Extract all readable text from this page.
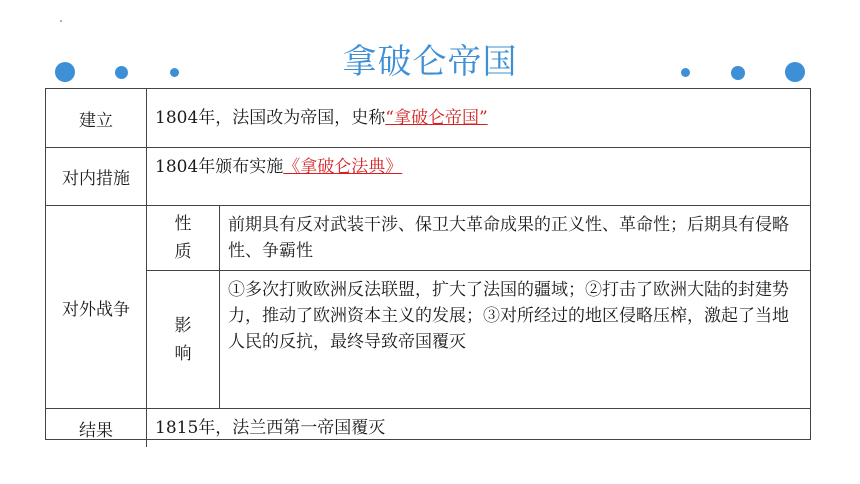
拿破仑帝国
建立	1804年，法国改为帝国，史称“拿破仑帝国”
对内措施
1804年颁布实施《拿破仑法典》
对外战争
性质
前期具有反对武装干涉、保卫大革命成果的正义性、革命性；后期具有侵略性、争霸性
影响
①多次打败欧洲反法联盟，扩大了法国的疆域；②打击了欧洲大陆的封建势力，推动了欧洲资本主义的发展；③对所经过的地区侵略压榨，激起了当地人民的反抗，最终导致帝国覆灭
结果	1815年，法兰西第一帝国覆灭
